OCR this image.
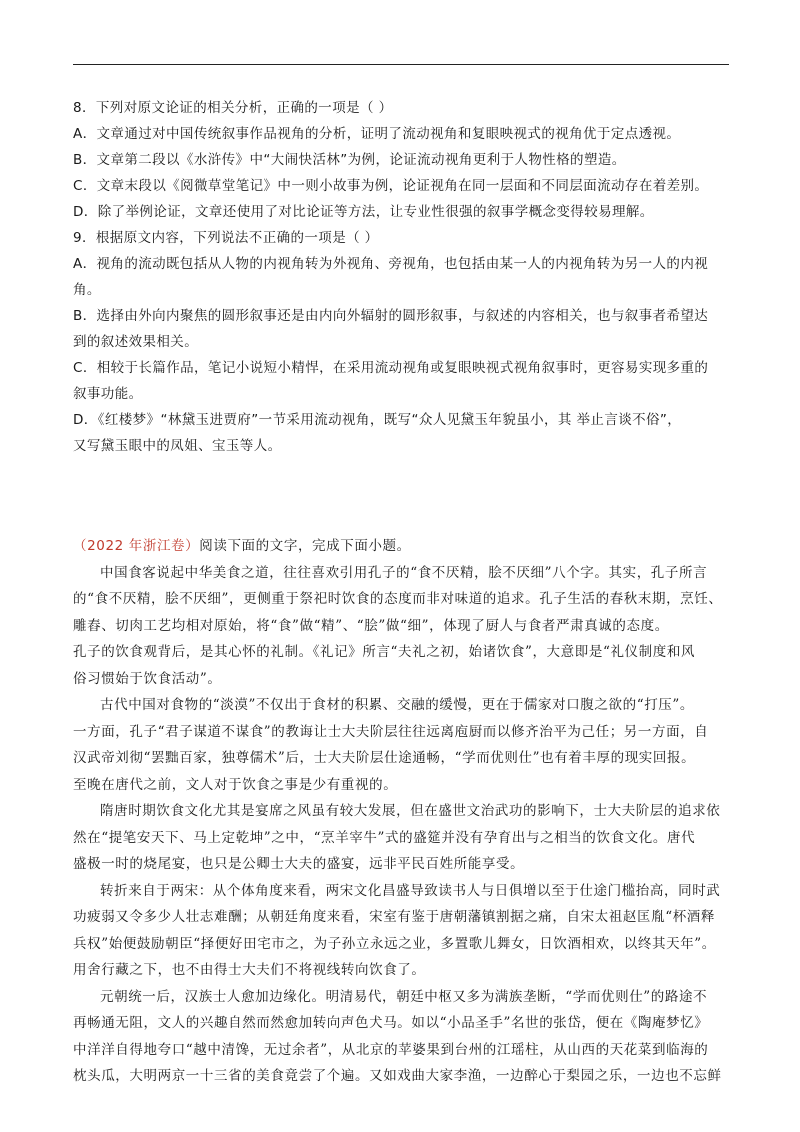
8．下列对原文论证的相关分析，正确的一项是（ ）

A．文章通过对中国传统叙事作品视角的分析，证明了流动视角和复眼映视式的视角优于定点透视。

B．文章第二段以《水浒传》中“大闹快活林”为例，论证流动视角更利于人物性格的塑造。

C．文章末段以《阅微草堂笔记》中一则小故事为例，论证视角在同一层面和不同层面流动存在着差别。

D．除了举例论证，文章还使用了对比论证等方法，让专业性很强的叙事学概念变得较易理解。

9．根据原文内容，下列说法不正确的一项是（ ）

A．视角的流动既包括从人物的内视角转为外视角、旁视角，也包括由某一人的内视角转为另一人的内视

角。

B．选择由外向内聚焦的圆形叙事还是由内向外辐射的圆形叙事，与叙述的内容相关，也与叙事者希望达

到的叙述效果相关。

C．相较于长篇作品，笔记小说短小精悍，在采用流动视角或复眼映视式视角叙事时，更容易实现多重的

叙事功能。

D．《红楼梦》“林黛玉进贾府”一节采用流动视角，既写“众人见黛玉年貌虽小，其 举止言谈不俗”，

又写黛玉眼中的凤姐、宝玉等人。

（2022 年浙江卷）阅读下面的文字，完成下面小题。

中国食客说起中华美食之道，往往喜欢引用孔子的“食不厌精，脍不厌细”八个字。其实，孔子所言

的“食不厌精，脍不厌细”，更侧重于祭祀时饮食的态度而非对味道的追求。孔子生活的春秋末期，烹饪、

雕舂、切肉工艺均相对原始，将“食”做“精”、“脍”做“细”，体现了厨人与食者严肃真诚的态度。

孔子的饮食观背后，是其心怀的礼制。《礼记》所言“夫礼之初，始诸饮食”，大意即是“礼仪制度和风

俗习惯始于饮食活动”。

古代中国对食物的“淡漠”不仅出于食材的积累、交融的缓慢，更在于儒家对口腹之欲的“打压”。

一方面，孔子“君子谋道不谋食”的教诲让士大夫阶层往往远离庖厨而以修齐治平为己任；另一方面，自

汉武帝刘彻“罢黜百家，独尊儒术”后，士大夫阶层仕途通畅，“学而优则仕”也有着丰厚的现实回报。

至晚在唐代之前，文人对于饮食之事是少有重视的。

隋唐时期饮食文化尤其是宴席之风虽有较大发展，但在盛世文治武功的影响下，士大夫阶层的追求依

然在“提笔安天下、马上定乾坤”之中，“烹羊宰牛”式的盛筵并没有孕育出与之相当的饮食文化。唐代

盛极一时的烧尾宴，也只是公卿士大夫的盛宴，远非平民百姓所能享受。

转折来自于两宋：从个体角度来看，两宋文化昌盛导致读书人与日俱增以至于仕途门槛抬高，同时武

功疲弱又令多少人壮志难酬；从朝廷角度来看，宋室有鉴于唐朝藩镇割据之痛，自宋太祖赵匡胤“杯酒释

兵权”始便鼓励朝臣“择便好田宅市之，为子孙立永远之业，多置歌儿舞女，日饮酒相欢，以终其天年”。

用舍行藏之下，也不由得士大夫们不将视线转向饮食了。

元朝统一后，汉族士人愈加边缘化。明清易代，朝廷中枢又多为满族垄断，“学而优则仕”的路途不

再畅通无阻，文人的兴趣自然而然愈加转向声色犬马。如以“小品圣手”名世的张岱，便在《陶庵梦忆》

中洋洋自得地夸口“越中清馋，无过余者”，从北京的苹婆果到台州的江瑶柱，从山西的天花菜到临海的

枕头瓜，大明两京一十三省的美食竟尝了个遍。又如戏曲大家李渔，一边醉心于梨园之乐，一边也不忘鲜
